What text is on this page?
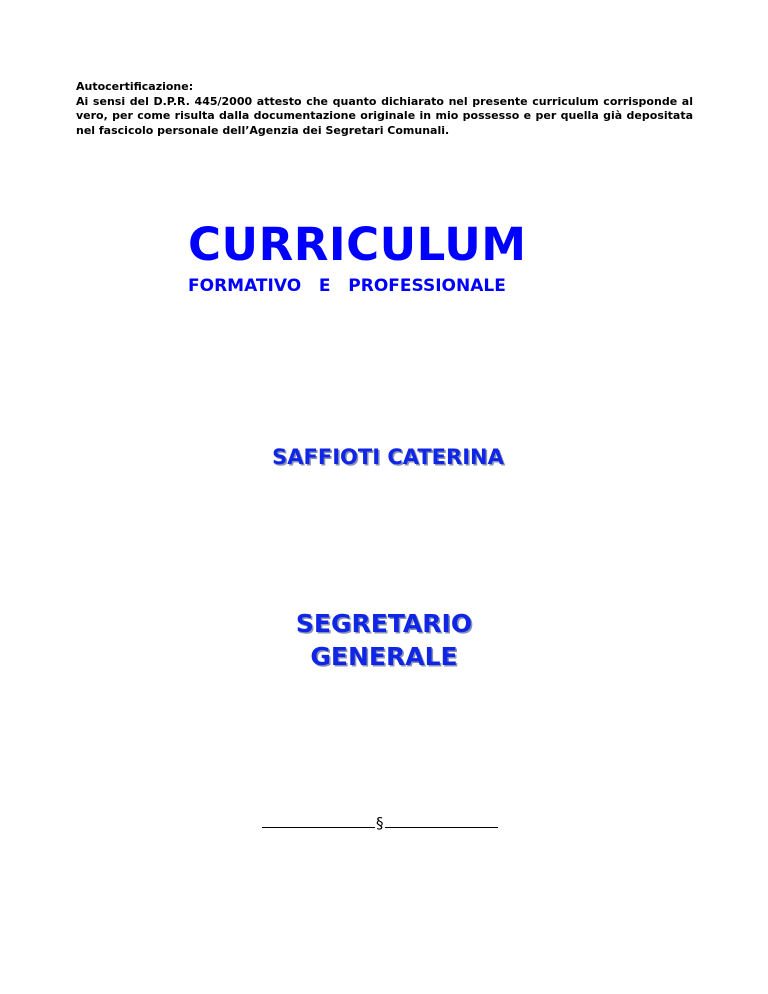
Autocertificazione:
Ai sensi del D.P.R. 445/2000 attesto che quanto dichiarato nel presente curriculum corrisponde al vero, per come risulta dalla documentazione originale in mio possesso e per quella già depositata nel fascicolo personale dell’Agenzia dei Segretari Comunali.
CURRICULUM
FORMATIVO   E   PROFESSIONALE
SAFFIOTI CATERINA
SEGRETARIO
GENERALE
§
